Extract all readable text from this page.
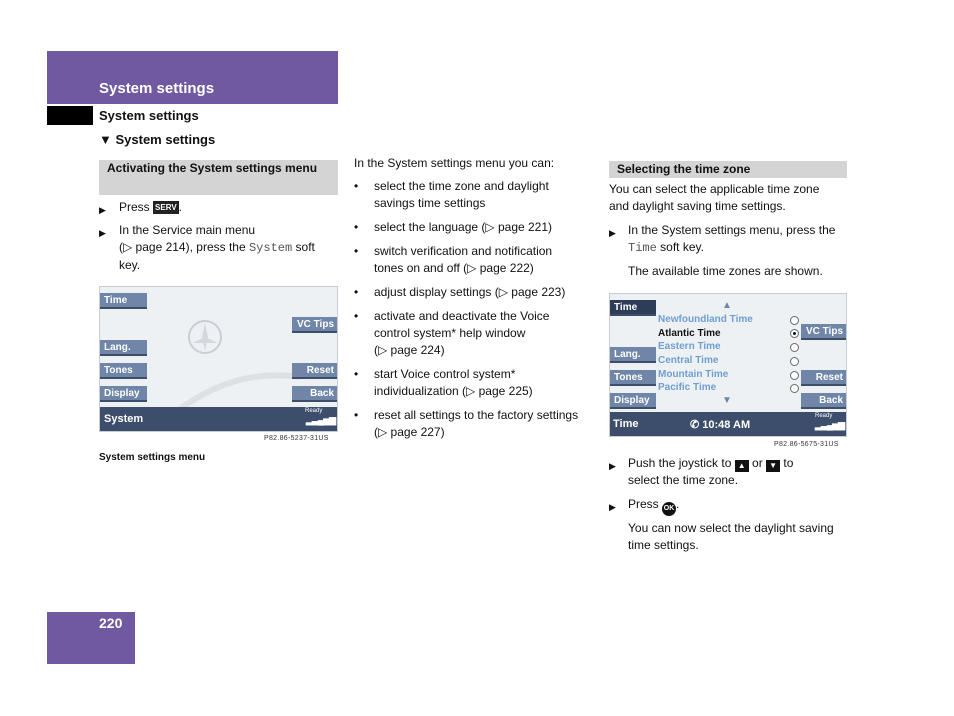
System settings
System settings
▼ System settings
Activating the System settings menu
▶ Press SERV .
▶ In the Service main menu
(▷ page 214), press the System soft
key.
Time
Lang.
Tones
Display
VC Tips
Reset
Back
System
Ready
▂▃▄▅▆
P82.86-5237-31US
System settings menu
In the System settings menu you can:
• select the time zone and daylight
savings time settings
• select the language (▷ page 221)
• switch verification and notification
tones on and off (▷ page 222)
• adjust display settings (▷ page 223)
• activate and deactivate the Voice
control system* help window
(▷ page 224)
• start Voice control system*
individualization (▷ page 225)
• reset all settings to the factory settings
(▷ page 227)
Selecting the time zone
You can select the applicable time zone
and daylight saving time settings.
▶ In the System settings menu, press the
Time soft key.
The available time zones are shown.
Time
Lang.
Tones
Display
VC Tips
Reset
Back
▲
▼
Newfoundland Time
Atlantic Time
Eastern Time
Central Time
Mountain Time
Pacific Time
Time	✆ 10:48 AM
Ready
▂▃▄▅▆
P82.86-5675-31US
▶ Push the joystick to ▲ or ▼ to
select the time zone.
▶ Press OK .
You can now select the daylight saving
time settings.
220
